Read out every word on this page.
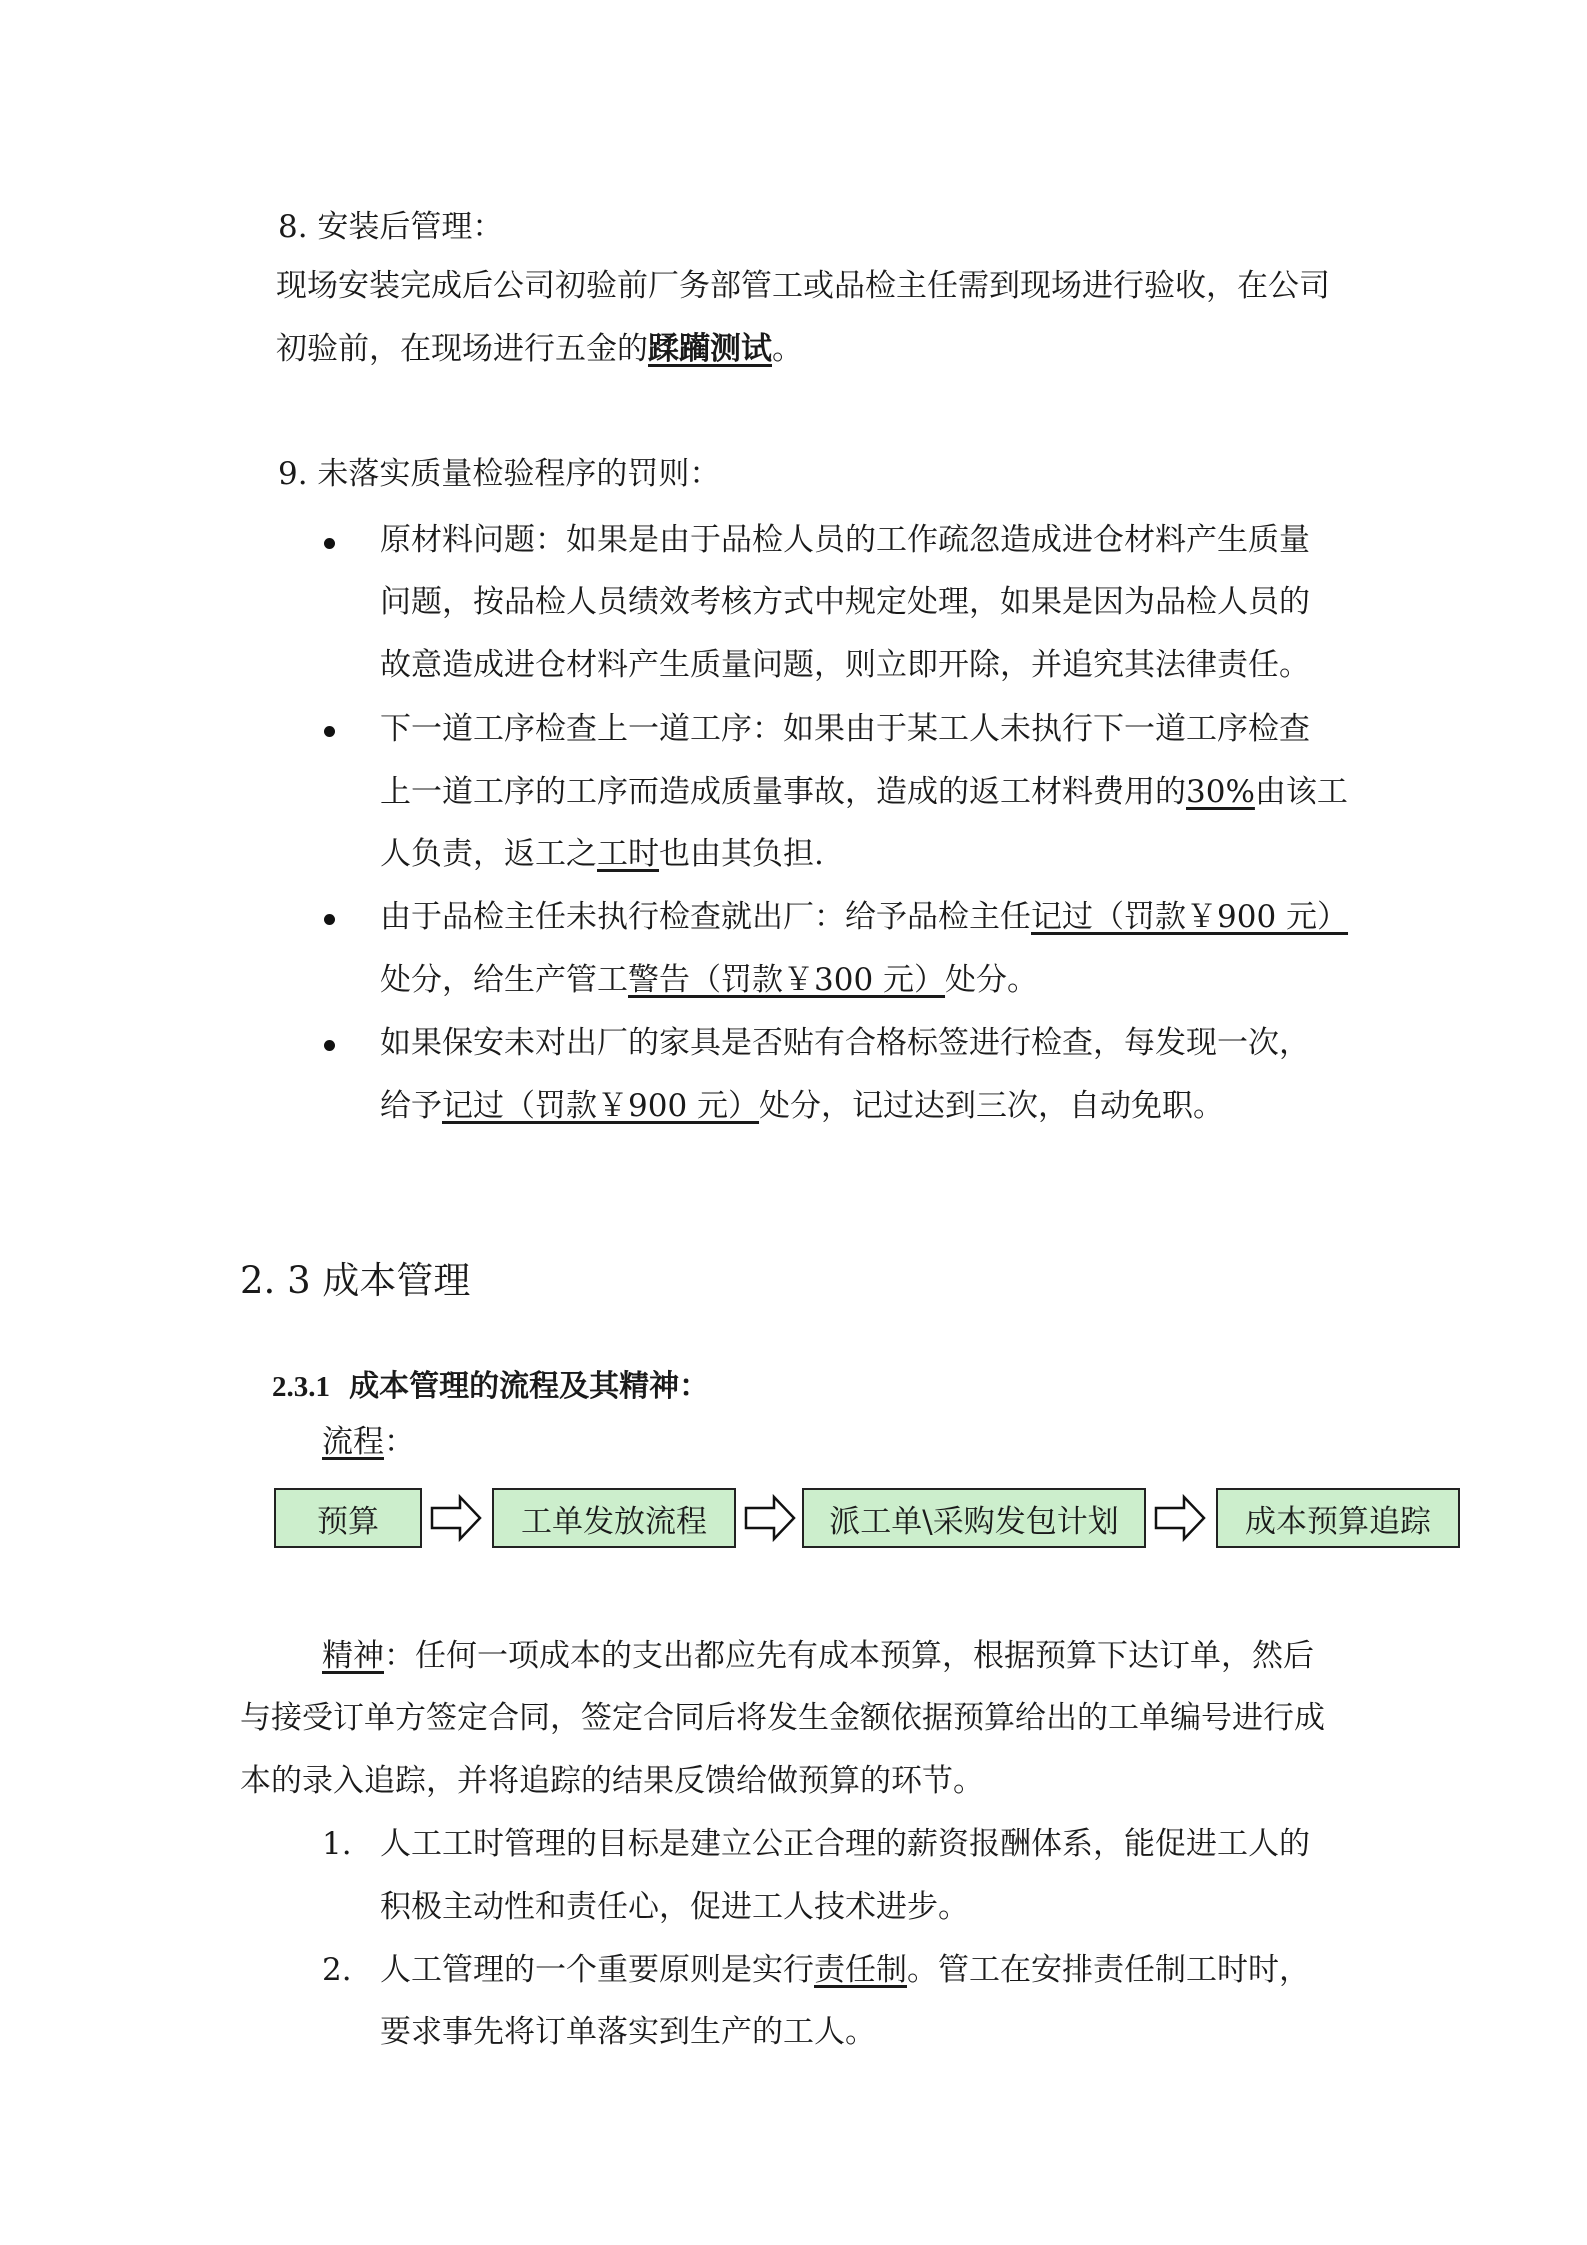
8. 安装后管理：
现场安装完成后公司初验前厂务部管工或品检主任需到现场进行验收，在公司
初验前，在现场进行五金的蹂躏测试。
9. 未落实质量检验程序的罚则：
原材料问题：如果是由于品检人员的工作疏忽造成进仓材料产生质量
问题，按品检人员绩效考核方式中规定处理，如果是因为品检人员的
故意造成进仓材料产生质量问题，则立即开除，并追究其法律责任。
下一道工序检查上一道工序：如果由于某工人未执行下一道工序检查
上一道工序的工序而造成质量事故，造成的返工材料费用的30%由该工
人负责，返工之工时也由其负担.
由于品检主任未执行检查就出厂：给予品检主任记过（罚款￥900 元）
处分，给生产管工警告（罚款￥300 元）处分。
如果保安未对出厂的家具是否贴有合格标签进行检查，每发现一次，
给予记过（罚款￥900 元）处分，记过达到三次，自动免职。
2. 3 成本管理
2.3.1 成本管理的流程及其精神：
流程：
预算	工单发放流程	派工单\采购发包计划	成本预算追踪
精神：任何一项成本的支出都应先有成本预算，根据预算下达订单，然后
与接受订单方签定合同，签定合同后将发生金额依据预算给出的工单编号进行成
本的录入追踪，并将追踪的结果反馈给做预算的环节。
1. 人工工时管理的目标是建立公正合理的薪资报酬体系，能促进工人的
积极主动性和责任心，促进工人技术进步。
2. 人工管理的一个重要原则是实行责任制。管工在安排责任制工时时，
要求事先将订单落实到生产的工人。
